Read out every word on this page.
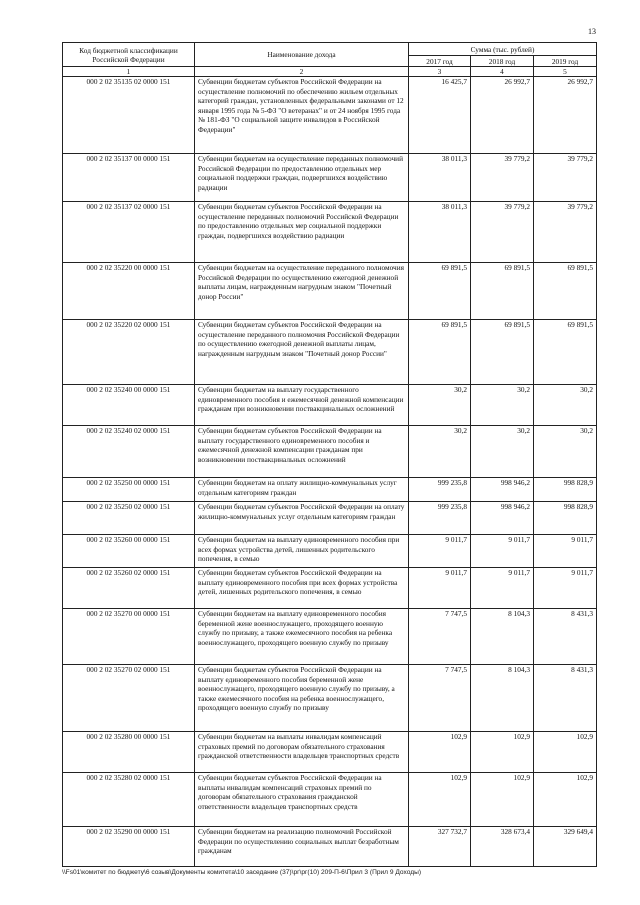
13
Код бюджетной классификации Российской Федерации	Наименование дохода	Сумма (тыс. рублей)		
		2017 год	2018 год	2019 год
1	2	3	4	5
000 2 02 35135 02 0000 151	Субвенции бюджетам субъектов Российской Федерации на осуществление полномочий по обеспечению жильем отдельных категорий граждан, установленных федеральными законами от 12 января 1995 года № 5-ФЗ "О ветеранах" и от 24 ноября 1995 года № 181-ФЗ "О социальной защите инвалидов в Российской Федерации"	16 425,7	26 992,7	26 992,7
000 2 02 35137 00 0000 151	Субвенции бюджетам на осуществление переданных полномочий Российской Федерации по предоставлению отдельных мер социальной поддержки граждан, подвергшихся воздействию радиации	38 011,3	39 779,2	39 779,2
000 2 02 35137 02 0000 151	Субвенции бюджетам субъектов Российской Федерации на осуществление переданных полномочий Российской Федерации по предоставлению отдельных мер социальной поддержки граждан, подвергшихся воздействию радиации	38 011,3	39 779,2	39 779,2
000 2 02 35220 00 0000 151	Субвенции бюджетам на осуществление переданного полномочия Российской Федерации по осуществлению ежегодной денежной выплаты лицам, награжденным нагрудным знаком "Почетный донор России"	69 891,5	69 891,5	69 891,5
000 2 02 35220 02 0000 151	Субвенции бюджетам субъектов Российской Федерации на осуществление переданного полномочия Российской Федерации по осуществлению ежегодной денежной выплаты лицам, награжденным нагрудным знаком "Почетный донор России"	69 891,5	69 891,5	69 891,5
000 2 02 35240 00 0000 151	Субвенции бюджетам на выплату государственного единовременного пособия и ежемесячной денежной компенсации гражданам при возникновении поствакцинальных осложнений	30,2	30,2	30,2
000 2 02 35240 02 0000 151	Субвенции бюджетам субъектов Российской Федерации на выплату государственного единовременного пособия и ежемесячной денежной компенсации гражданам при возникновении поствакцинальных осложнений	30,2	30,2	30,2
000 2 02 35250 00 0000 151	Субвенции бюджетам на оплату жилищно-коммунальных услуг отдельным категориям граждан	999 235,8	998 946,2	998 828,9
000 2 02 35250 02 0000 151	Субвенции бюджетам субъектов Российской Федерации на оплату жилищно-коммунальных услуг отдельным категориям граждан	999 235,8	998 946,2	998 828,9
000 2 02 35260 00 0000 151	Субвенции бюджетам на выплату единовременного пособия при всех формах устройства детей, лишенных родительского попечения, в семью	9 011,7	9 011,7	9 011,7
000 2 02 35260 02 0000 151	Субвенции бюджетам субъектов Российской Федерации на выплату единовременного пособия при всех формах устройства детей, лишенных родительского попечения, в семью	9 011,7	9 011,7	9 011,7
000 2 02 35270 00 0000 151	Субвенции бюджетам на выплату единовременного пособия беременной жене военнослужащего, проходящего военную службу по призыву, а также ежемесячного пособия на ребенка военнослужащего, проходящего военную службу по призыву	7 747,5	8 104,3	8 431,3
000 2 02 35270 02 0000 151	Субвенции бюджетам субъектов Российской Федерации на выплату единовременного пособия беременной жене военнослужащего, проходящего военную службу по призыву, а также ежемесячного пособия на ребенка военнослужащего, проходящего военную службу по призыву	7 747,5	8 104,3	8 431,3
000 2 02 35280 00 0000 151	Субвенции бюджетам на выплаты инвалидам компенсаций страховых премий по договорам обязательного страхования гражданской ответственности владельцев транспортных средств	102,9	102,9	102,9
000 2 02 35280 02 0000 151	Субвенции бюджетам субъектов Российской Федерации на выплаты инвалидам компенсаций страховых премий по договорам обязательного страхования гражданской ответственности владельцев транспортных средств	102,9	102,9	102,9
000 2 02 35290 00 0000 151	Субвенции бюджетам на реализацию полномочий Российской Федерации по осуществлению социальных выплат безработным гражданам	327 732,7	328 673,4	329 649,4
\\Fs01\комитет по бюджету\6 созыв\Документы комитета\10 заседание (37)\рг\рг(10) 209-П-6\Прил 3 (Прил 9 Доходы)
